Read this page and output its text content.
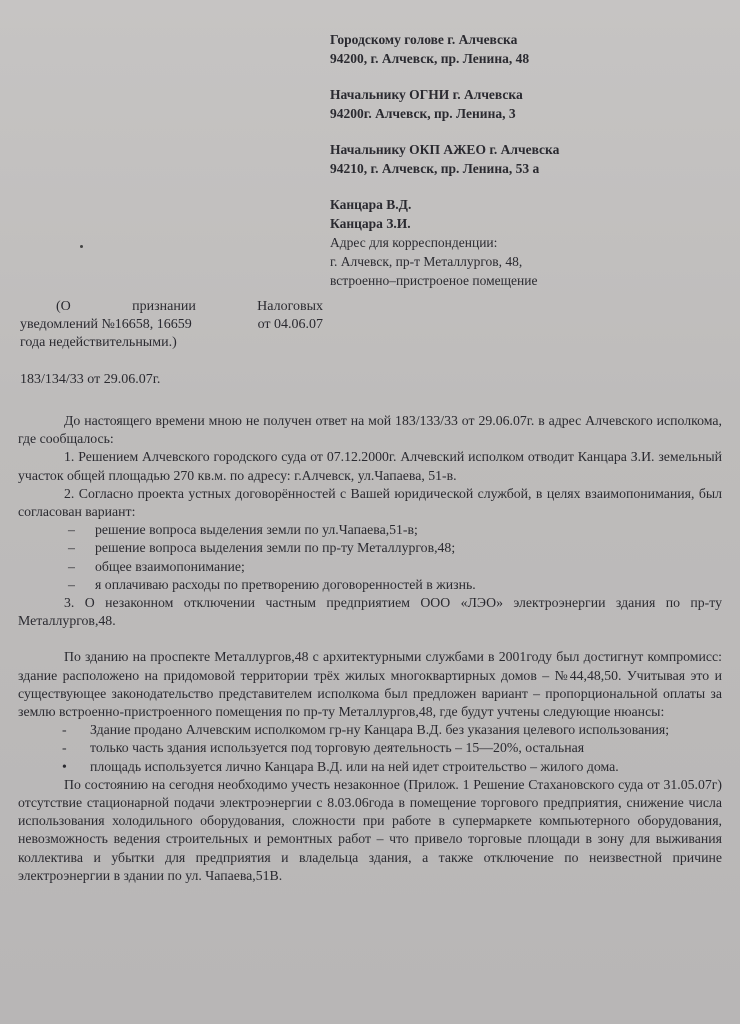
Городскому голове г. Алчевска
94200, г. Алчевск, пр. Ленина, 48
Начальнику ОГНИ г. Алчевска
94200г. Алчевск, пр. Ленина, 3
Начальнику ОКП АЖЕО г. Алчевска
94210, г. Алчевск, пр. Ленина, 53 а
Канцара В.Д.
Канцара З.И.
Адрес для корреспонденции:
г. Алчевск, пр-т Металлургов, 48,
встроенно–пристроеное помещение
(О	признании	Налоговых
уведомлений №16658, 16659	от 04.06.07
года недействительными.)
183/134/33 от 29.06.07г.

До настоящего времени мною не получен ответ на мой 183/133/33 от 29.06.07г. в адрес Алчевского исполкома, где сообщалось:

1. Решением Алчевского городского суда от 07.12.2000г. Алчевский исполком отводит Канцара З.И. земельный участок общей площадью 270 кв.м. по адресу: г.Алчевск, ул.Чапаева, 51-в.

2. Согласно проекта устных договорённостей с Вашей юридической службой, в целях взаимопонимания, был согласован вариант:

– решение вопроса выделения земли по ул.Чапаева,51-в;
– решение вопроса выделения земли по пр-ту Металлургов,48;
– общее взаимопонимание;
– я оплачиваю расходы по претворению договоренностей в жизнь.

3. О незаконном отключении частным предприятием ООО «ЛЭО» электроэнергии здания по пр-ту Металлургов,48.

По зданию на проспекте Металлургов,48 с архитектурными службами в 2001году был достигнут компромисс: здание расположено на придомовой территории трёх жилых многоквартирных домов – №44,48,50. Учитывая это и существующее законодательство представителем исполкома был предложен вариант – пропорциональной оплаты за землю встроенно-пристроенного помещения по пр-ту Металлургов,48, где будут учтены следующие нюансы:

- Здание продано Алчевским исполкомом гр-ну Канцара В.Д. без указания целевого использования;
- только часть здания используется под торговую деятельность – 15—20%, остальная
• площадь используется лично Канцара В.Д. или на ней идет строительство – жилого дома.

По состоянию на сегодня необходимо учесть незаконное (Прилож. 1 Решение Стахановского суда от 31.05.07г) отсутствие стационарной подачи электроэнергии с 8.03.06года в помещение торгового предприятия, снижение числа использования холодильного оборудования, сложности при работе в супермаркете компьютерного оборудования, невозможность ведения строительных и ремонтных работ – что привело торговые площади в зону для выживания коллектива и убытки для предприятия и владельца здания, а также отключение по неизвестной причине электроэнергии в здании по ул. Чапаева,51В.
